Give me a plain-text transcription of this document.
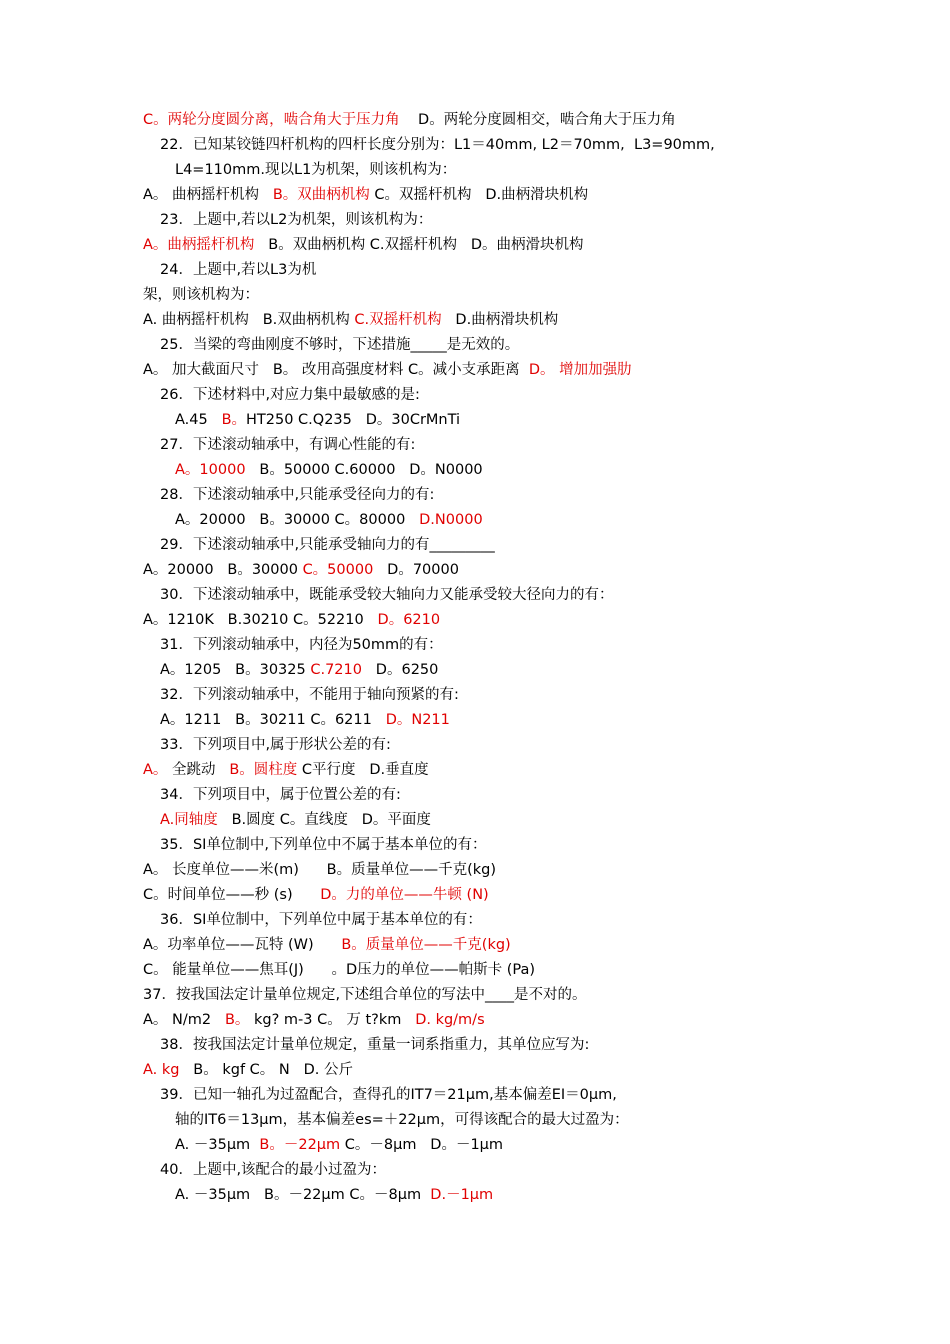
C。两轮分度圆分离，啮合角大于压力角    D。两轮分度圆相交，啮合角大于压力角
22．已知某铰链四杆机构的四杆长度分别为：L1＝40mm, L2＝70mm,  L3=90mm,
L4=110mm.现以L1为机架，则该机构为：
A。 曲柄摇杆机构   B。双曲柄机构 C。双摇杆机构   D.曲柄滑块机构
23．上题中,若以L2为机架，则该机构为：
A。曲柄摇杆机构   B。双曲柄机构 C.双摇杆机构   D。曲柄滑块机构
24．上题中,若以L3为机
架，则该机构为：
A. 曲柄摇杆机构   B.双曲柄机构 C.双摇杆机构   D.曲柄滑块机构
25．当梁的弯曲刚度不够时，下述措施_____是无效的。
A。 加大截面尺寸   B。 改用高强度材料 C。减小支承距离  D。 增加加强肋
26．下述材料中,对应力集中最敏感的是:
A.45   B。HT250 C.Q235   D。30CrMnTi
27．下述滚动轴承中，有调心性能的有:
A。10000   B。50000 C.60000   D。N0000
28．下述滚动轴承中,只能承受径向力的有:
A。20000   B。30000 C。80000   D.N0000
29．下述滚动轴承中,只能承受轴向力的有_________
A。20000   B。30000 C。50000   D。70000
30．下述滚动轴承中，既能承受较大轴向力又能承受较大径向力的有：
A。1210K   B.30210 C。52210   D。6210
31．下列滚动轴承中，内径为50mm的有：
A。1205   B。30325 C.7210   D。6250
32．下列滚动轴承中，不能用于轴向预紧的有:
A。1211   B。30211 C。6211   D。N211
33．下列项目中,属于形状公差的有:
A。 全跳动   B。圆柱度 C平行度   D.垂直度
34．下列项目中，属于位置公差的有:
A.同轴度   B.圆度 C。直线度   D。平面度
35．SI单位制中,下列单位中不属于基本单位的有：
A。 长度单位——米(m)      B。质量单位——千克(kg)
C。时间单位——秒 (s)      D。力的单位——牛顿 (N)
36．SI单位制中，下列单位中属于基本单位的有：
A。功率单位——瓦特 (W)      B。质量单位——千克(kg)
C。 能量单位——焦耳(J)      。D压力的单位——帕斯卡 (Pa)
37．按我国法定计量单位规定,下述组合单位的写法中____是不对的。
A。 N/m2   B。 kg? m-3 C。 万 t?km   D. kg/m/s
38．按我国法定计量单位规定，重量一词系指重力，其单位应写为:
A. kg   B。 kgf C。 N   D. 公斤
39．已知一轴孔为过盈配合，查得孔的IT7＝21μm,基本偏差EI＝0μm,
轴的IT6＝13μm，基本偏差es=＋22μm，可得该配合的最大过盈为：
A. －35μm  B。－22μm C。－8μm   D。－1μm
40．上题中,该配合的最小过盈为：
A. －35μm   B。－22μm C。－8μm  D.－1μm
